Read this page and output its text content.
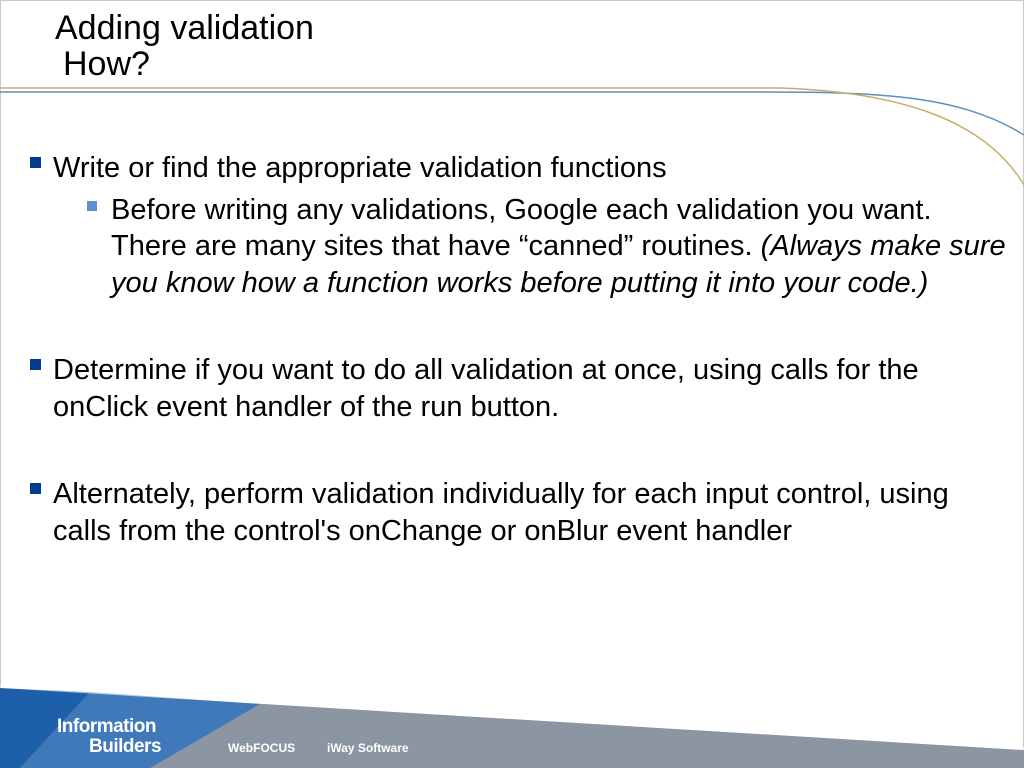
Adding validation
How?
Write or find the appropriate validation functions
Before writing any validations, Google each validation you want. There are many sites that have “canned” routines. (Always make sure you know how a function works before putting it into your code.)
Determine if you want to do all validation at once, using calls for the onClick event handler of the run button.
Alternately, perform validation individually for each input control, using calls from the control's onChange or onBlur event handler
Information
Builders	WebFOCUS	iWay Software
